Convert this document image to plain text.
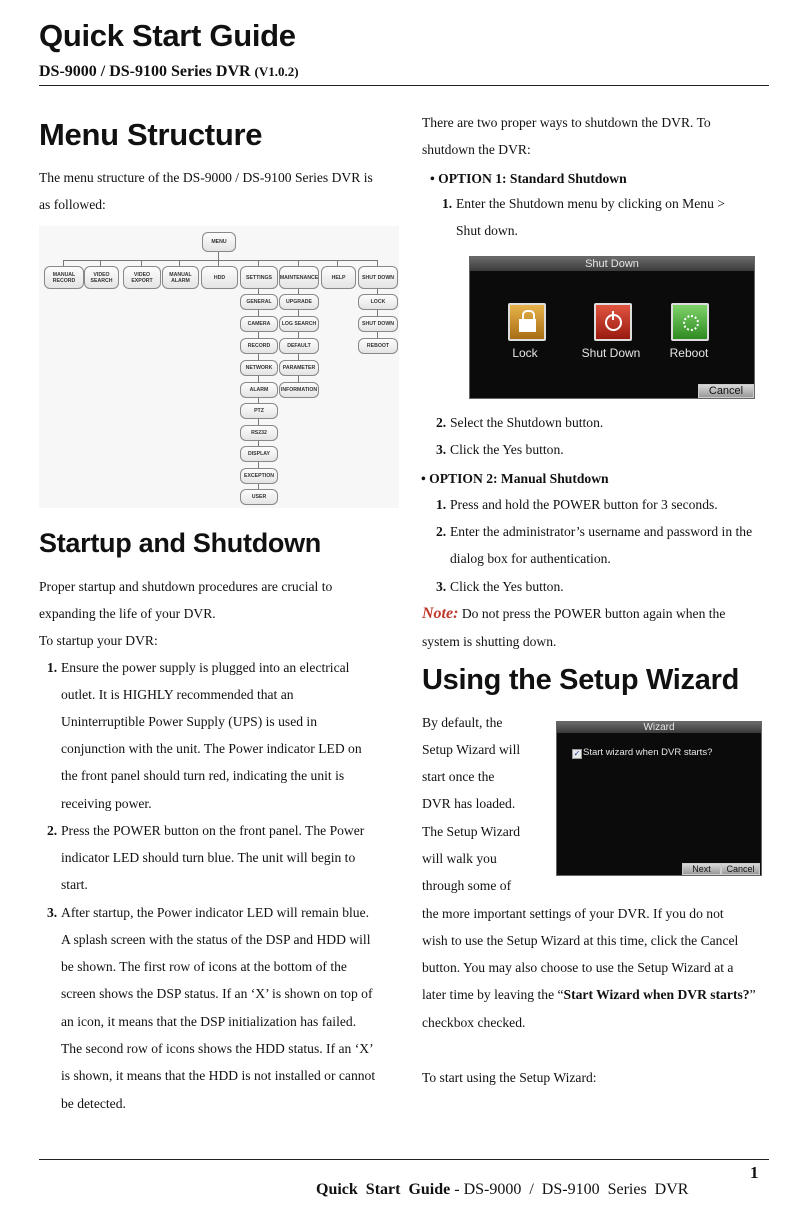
Quick Start Guide
DS-9000 / DS-9100 Series DVR (V1.0.2)
Menu Structure
The menu structure of the DS-9000 / DS-9100 Series DVR is
as followed:
MENU
MANUAL RECORD
VIDEO SEARCH
VIDEO EXPORT
MANUAL ALARM	HDD	SETTINGS	MAINTENANCE	HELP	SHUT DOWN
GENERAL
CAMERA
RECORD
NETWORK
ALARM
PTZ
RS232
DISPLAY
EXCEPTION
USER
UPGRADE
LOG SEARCH
DEFAULT
PARAMETER
INFORMATION
LOCK
SHUT DOWN
REBOOT
Startup and Shutdown
Proper startup and shutdown procedures are crucial to
expanding the life of your DVR.
To startup your DVR:
1. Ensure the power supply is plugged into an electrical
outlet. It is HIGHLY recommended that an
Uninterruptible Power Supply (UPS) is used in
conjunction with the unit. The Power indicator LED on
the front panel should turn red, indicating the unit is
receiving power.
2. Press the POWER button on the front panel. The Power
indicator LED should turn blue. The unit will begin to
start.
3. After startup, the Power indicator LED will remain blue.
A splash screen with the status of the DSP and HDD will
be shown. The first row of icons at the bottom of the
screen shows the DSP status. If an ‘X’ is shown on top of
an icon, it means that the DSP initialization has failed.
The second row of icons shows the HDD status. If an ‘X’
is shown, it means that the HDD is not installed or cannot
be detected.
There are two proper ways to shutdown the DVR. To
shutdown the DVR:
• OPTION 1: Standard Shutdown
1. Enter the Shutdown menu by clicking on Menu >
Shut down.
Shut Down
Lock	Shut Down	Reboot
Cancel
2. Select the Shutdown button.
3. Click the Yes button.
• OPTION 2: Manual Shutdown
1. Press and hold the POWER button for 3 seconds.
2. Enter the administrator’s username and password in the
dialog box for authentication.
3. Click the Yes button.
Note: Do not press the POWER button again when the
system is shutting down.
Using the Setup Wizard
By default, the
Setup Wizard will
start once the
DVR has loaded.
The Setup Wizard
will walk you
through some of
Wizard
✓ Start wizard when DVR starts?
Next	Cancel
the more important settings of your DVR. If you do not
wish to use the Setup Wizard at this time, click the Cancel
button. You may also choose to use the Setup Wizard at a
later time by leaving the “Start Wizard when DVR starts?”
checkbox checked.
To start using the Setup Wizard:

Quick  Start  Guide - DS-9000  /  DS-9100  Series  DVR

1
